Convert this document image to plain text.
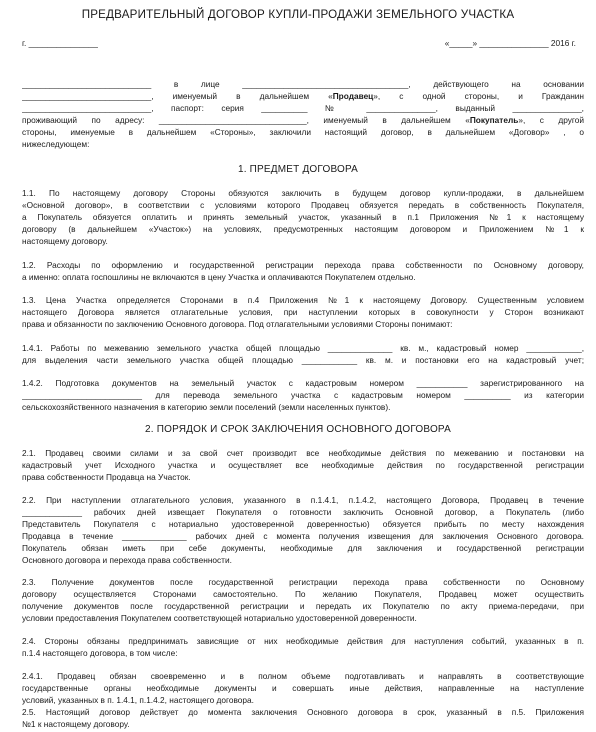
ПРЕДВАРИТЕЛЬНЫЙ ДОГОВОР КУПЛИ-ПРОДАЖИ ЗЕМЕЛЬНОГО УЧАСТКА
г. _______________	«_____» _______________ 2016 г.
____________________________ в лице ____________________________________, действующего на основании
____________________________, именуемый в дальнейшем «Продавец», с одной стороны, и Гражданин
____________________________, паспорт: серия __________ № _______________, выданный _______________,
проживающий по адресу: ________________________________, именуемый в дальнейшем «Покупатель», с другой
стороны, именуемые в дальнейшем «Стороны», заключили настоящий договор, в дальнейшем «Договор» , о
нижеследующем:
1. ПРЕДМЕТ ДОГОВОРА
1.1. По настоящему договору Стороны обязуются заключить в будущем договор купли-продажи, в дальнейшем
«Основной договор», в соответствии с условиями которого Продавец обязуется передать в собственность Покупателя,
а Покупатель обязуется оплатить и принять земельный участок, указанный в п.1 Приложения №1 к настоящему
договору (в дальнейшем «Участок») на условиях, предусмотренных настоящим договором и Приложением №1 к
настоящему договору.
1.2. Расходы по оформлению и государственной регистрации перехода права собственности по Основному договору,
а именно: оплата госпошлины не включаются в цену Участка и оплачиваются Покупателем отдельно.
1.3. Цена Участка определяется Сторонами в п.4 Приложения №1 к настоящему Договору. Существенным условием
настоящего Договора является отлагательные условия, при наступлении которых в совокупности у Сторон возникают
права и обязанности по заключению Основного договора. Под отлагательными условиями Стороны понимают:
1.4.1. Работы по межеванию земельного участка общей площадью ______________ кв. м., кадастровый номер ____________,
для выделения части земельного участка общей площадью ____________ кв. м. и постановки его на кадастровый учет;
1.4.2. Подготовка документов на земельный участок с кадастровым номером ___________ зарегистрированного на
__________________________ для перевода земельного участка с кадастровым номером __________ из категории
сельскохозяйственного назначения в категорию земли поселений (земли населенных пунктов).
2. ПОРЯДОК И СРОК ЗАКЛЮЧЕНИЯ ОСНОВНОГО ДОГОВОРА
2.1. Продавец своими силами и за свой счет производит все необходимые действия по межеванию и постановки на
кадастровый учет Исходного участка и осуществляет все необходимые действия по государственной регистрации
права собственности Продавца на Участок.
2.2. При наступлении отлагательного условия, указанного в п.1.4.1, п.1.4.2, настоящего Договора, Продавец в течение
_____________ рабочих дней извещает Покупателя о готовности заключить Основной договор, а Покупатель (либо
Представитель Покупателя с нотариально удостоверенной доверенностью) обязуется прибыть по месту нахождения
Продавца в течение ______________ рабочих дней с момента получения извещения для заключения Основного договора.
Покупатель обязан иметь при себе документы, необходимые для заключения и государственной регистрации
Основного договора и перехода права собственности.
2.3. Получение документов после государственной регистрации перехода права собственности по Основному
договору осуществляется Сторонами самостоятельно. По желанию Покупателя, Продавец может осуществить
получение документов после государственной регистрации и передать их Покупателю по акту приема-передачи, при
условии предоставления Покупателем соответствующей нотариально удостоверенной доверенности.
2.4. Стороны обязаны предпринимать зависящие от них необходимые действия для наступления событий, указанных в п.
п.1.4 настоящего договора, в том числе:
2.4.1. Продавец обязан своевременно и в полном объеме подготавливать и направлять в соответствующие
государственные органы необходимые документы и совершать иные действия, направленные на наступление
условий, указанных в п. 1.4.1, п.1.4.2, настоящего договора.
2.5. Настоящий договор действует до момента заключения Основного договора в срок, указанный в п.5. Приложения
№1 к настоящему договору.
